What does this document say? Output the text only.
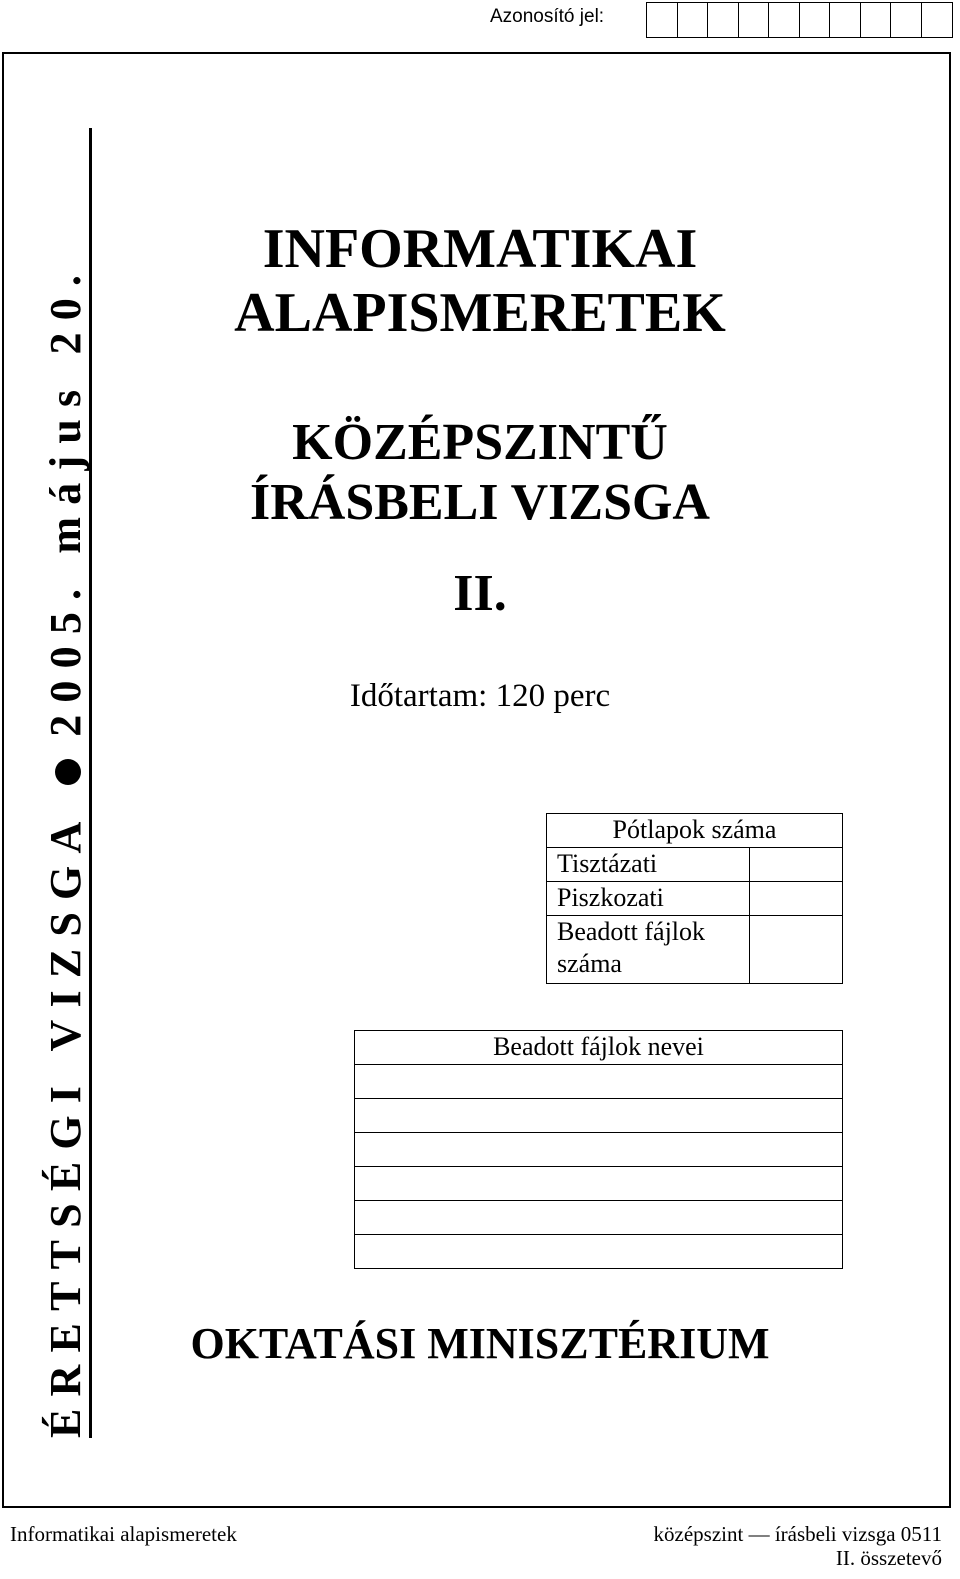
Azonosító jel:
ÉRETTSÉGI VIZSGA 2005. május 20.
INFORMATIKAI
ALAPISMERETEK
KÖZÉPSZINTŰ
ÍRÁSBELI VIZSGA
II.
Időtartam: 120 perc
Pótlapok száma	
Tisztázati	
Piszkozati	
Beadott fájlok száma	
Beadott fájlok nevei

OKTATÁSI MINISZTÉRIUM
Informatikai alapismeretek	középszint — írásbeli vizsga 0511
II. összetevő
